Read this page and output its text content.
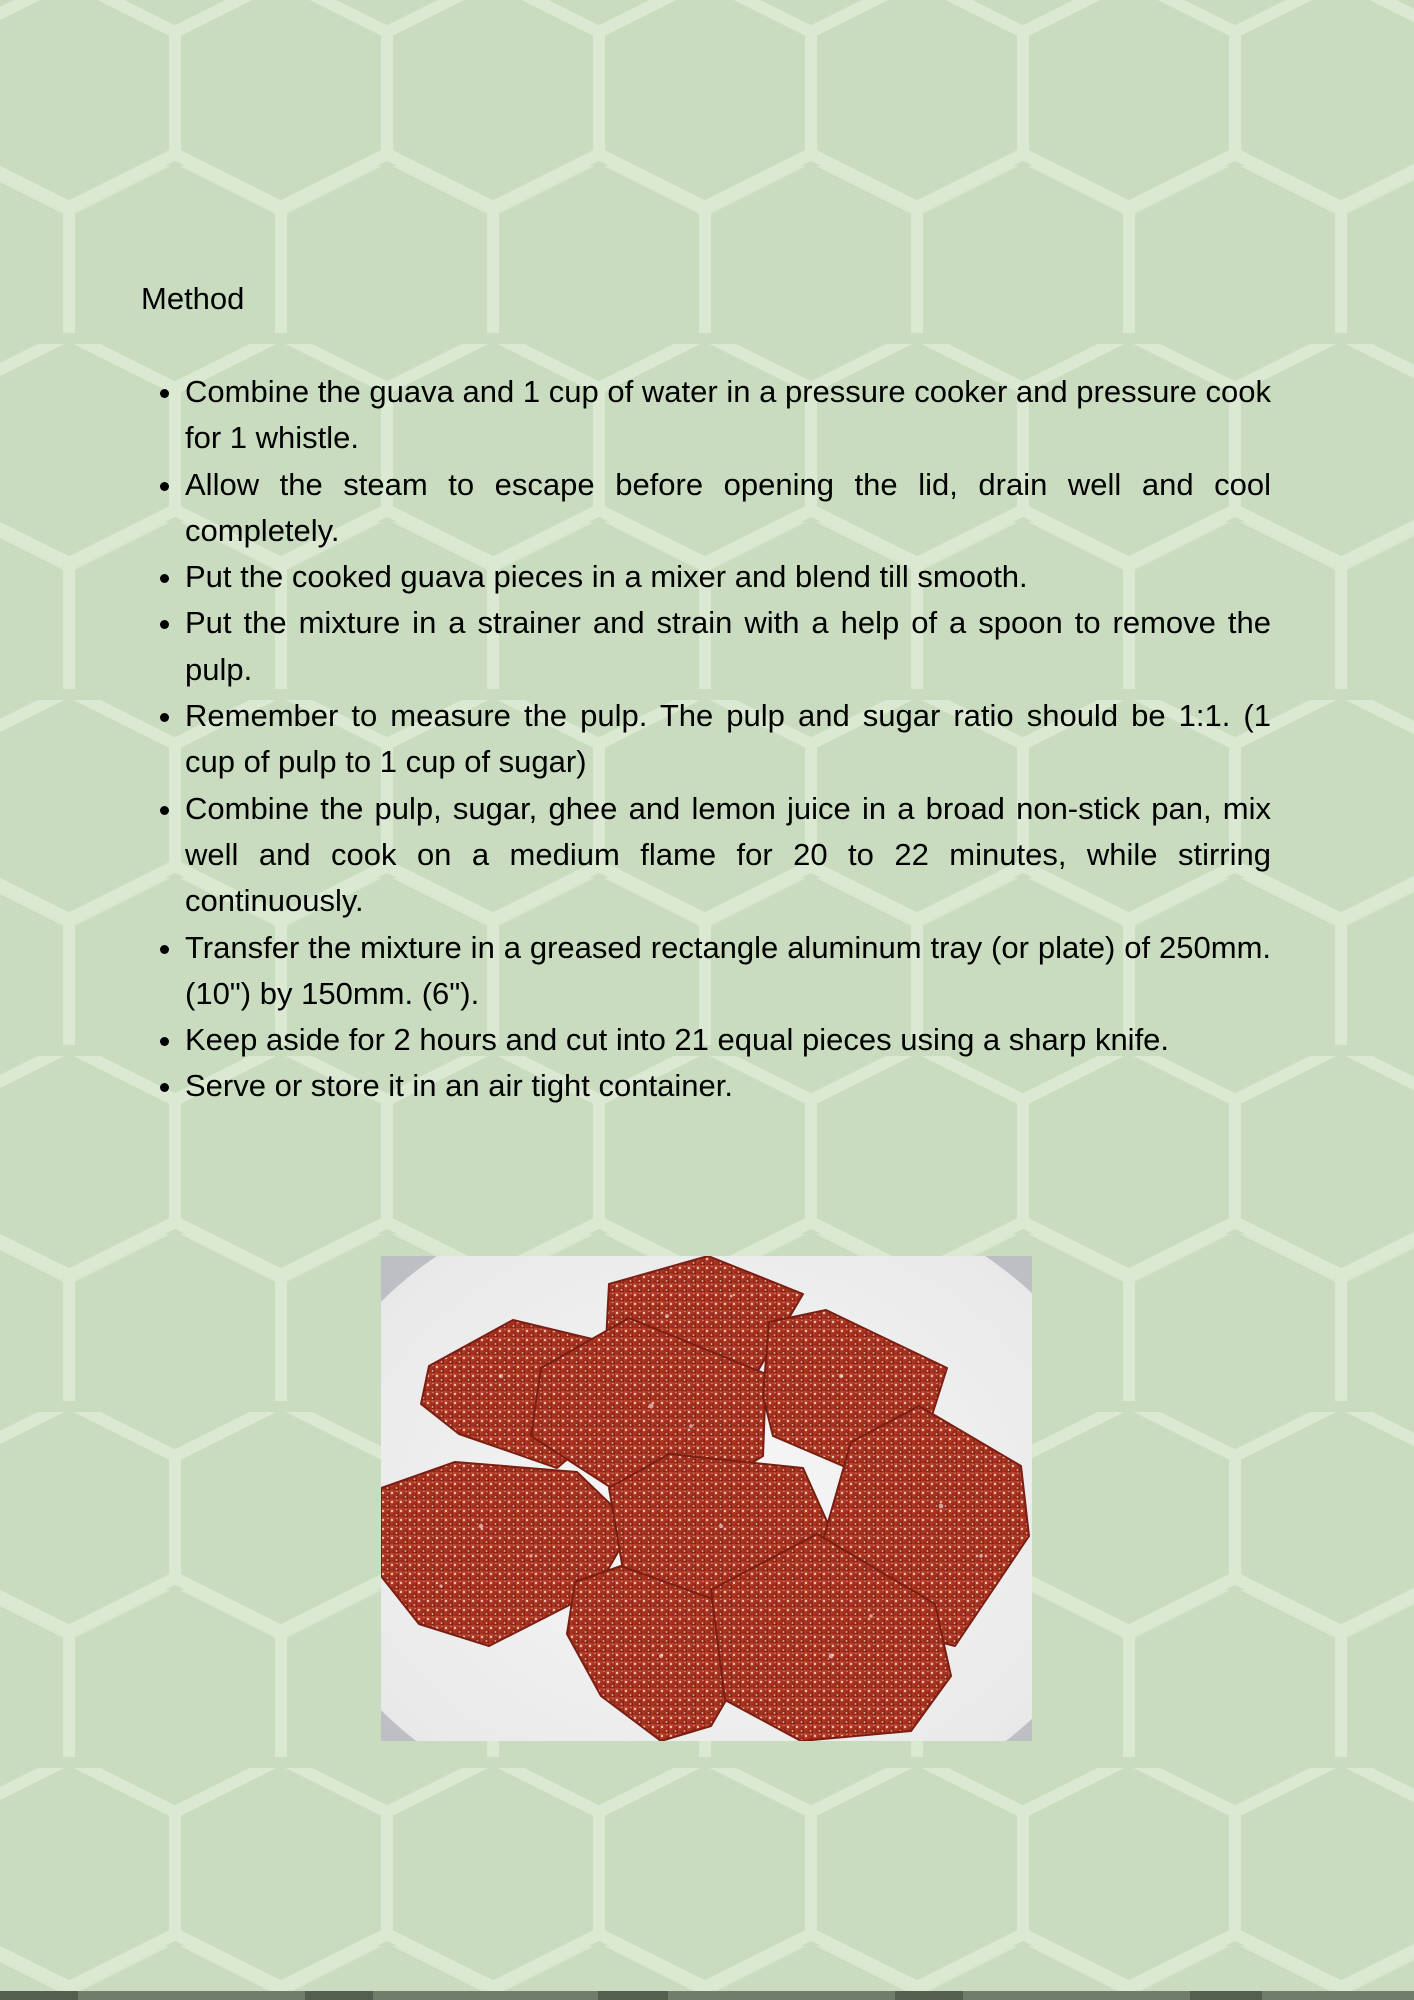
Method
• Combine the guava and 1 cup of water in a pressure cooker and pressure cook for 1 whistle.
• Allow the steam to escape before opening the lid, drain well and cool completely.
• Put the cooked guava pieces in a mixer and blend till smooth.
• Put the mixture in a strainer and strain with a help of a spoon to remove the pulp.
• Remember to measure the pulp. The pulp and sugar ratio should be 1:1. (1 cup of pulp to 1 cup of sugar)
• Combine the pulp, sugar, ghee and lemon juice in a broad non-stick pan, mix well and cook on a medium flame for 20 to 22 minutes, while stirring continuously.
• Transfer the mixture in a greased rectangle aluminum tray (or plate) of 250mm. (10") by 150mm. (6").
• Keep aside for 2 hours and cut into 21 equal pieces using a sharp knife.
• Serve or store it in an air tight container.
